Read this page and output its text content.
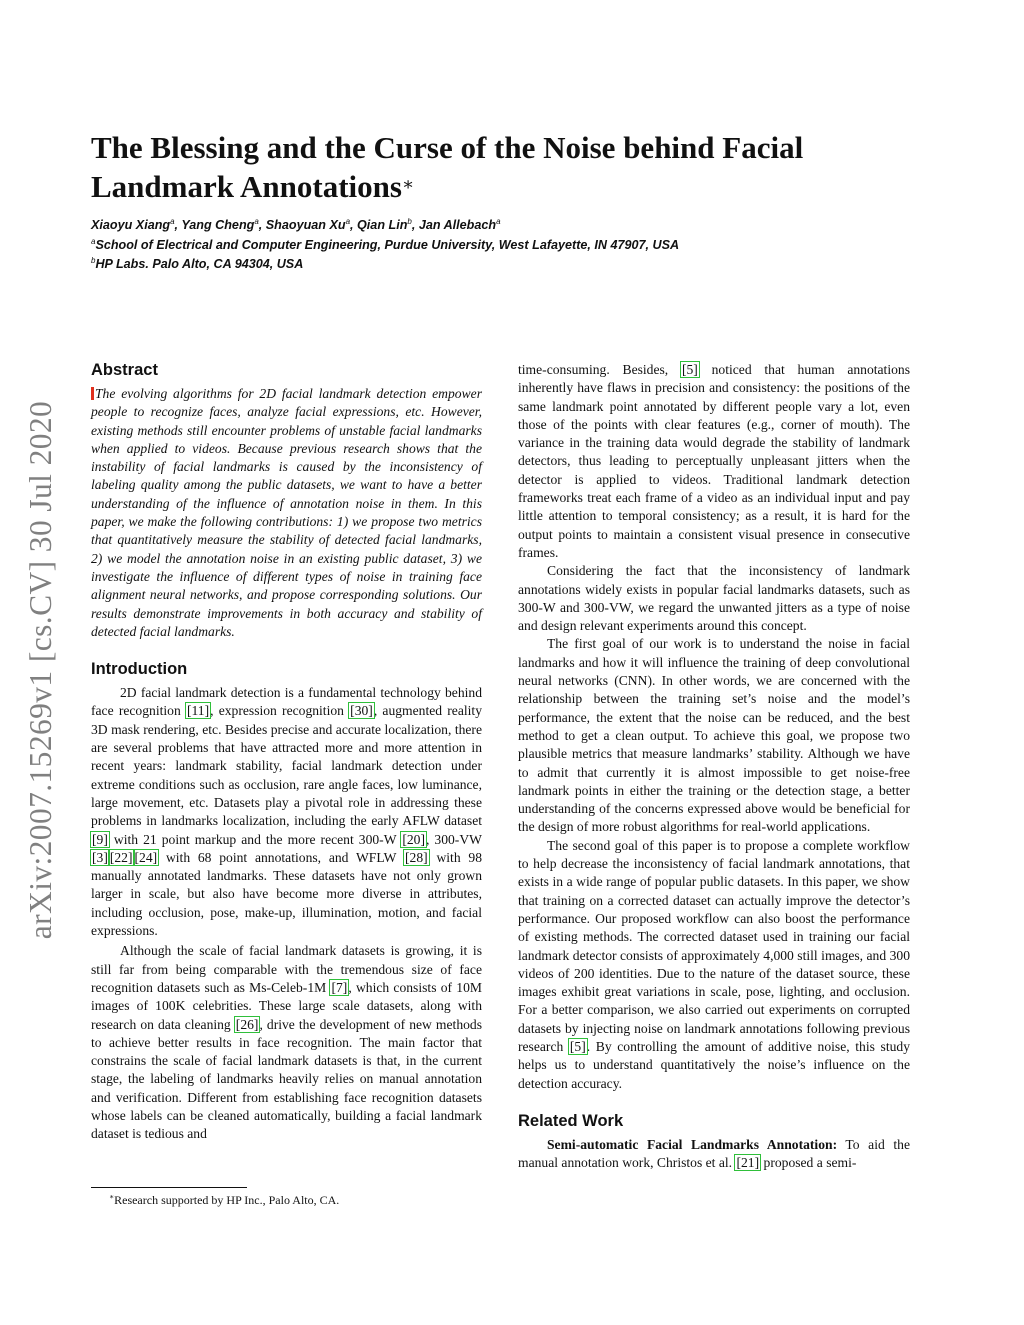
arXiv:2007.15269v1 [cs.CV] 30 Jul 2020
The Blessing and the Curse of the Noise behind Facial Landmark Annotations∗
Xiaoyu Xiang$^a$, Yang Cheng$^a$, Shaoyuan Xu$^a$, Qian Lin$^b$, Jan Allebach$^a$
$^a$School of Electrical and Computer Engineering, Purdue University, West Lafayette, IN 47907, USA
$^b$HP Labs. Palo Alto, CA 94304, USA
Abstract

The evolving algorithms for 2D facial landmark detection empower people to recognize faces, analyze facial expressions, etc. However, existing methods still encounter problems of unstable facial landmarks when applied to videos. Because previous research shows that the instability of facial landmarks is caused by the inconsistency of labeling quality among the public datasets, we want to have a better understanding of the influence of annotation noise in them. In this paper, we make the following contributions: 1) we propose two metrics that quantitatively measure the stability of detected facial landmarks, 2) we model the annotation noise in an existing public dataset, 3) we investigate the influence of different types of noise in training face alignment neural networks, and propose corresponding solutions. Our results demonstrate improvements in both accuracy and stability of detected facial landmarks.

Introduction

2D facial landmark detection is a fundamental technology behind face recognition [11], expression recognition [30], augmented reality 3D mask rendering, etc. Besides precise and accurate localization, there are several problems that have attracted more and more attention in recent years: landmark stability, facial landmark detection under extreme conditions such as occlusion, rare angle faces, low luminance, large movement, etc. Datasets play a pivotal role in addressing these problems in landmarks localization, including the early AFLW dataset [9] with 21 point markup and the more recent 300-W [20], 300-VW [3] [22] [24] with 68 point annotations, and WFLW [28] with 98 manually annotated landmarks. These datasets have not only grown larger in scale, but also have become more diverse in attributes, including occlusion, pose, make-up, illumination, motion, and facial expressions.

Although the scale of facial landmark datasets is growing, it is still far from being comparable with the tremendous size of face recognition datasets such as Ms-Celeb-1M [7], which consists of 10M images of 100K celebrities. These large scale datasets, along with research on data cleaning [26], drive the development of new methods to achieve better results in face recognition. The main factor that constrains the scale of facial landmark datasets is that, in the current stage, the labeling of landmarks heavily relies on manual annotation and verification. Different from establishing face recognition datasets whose labels can be cleaned automatically, building a facial landmark dataset is tedious and

time-consuming. Besides, [5] noticed that human annotations inherently have flaws in precision and consistency: the positions of the same landmark point annotated by different people vary a lot, even those of the points with clear features (e.g., corner of mouth). The variance in the training data would degrade the stability of landmark detectors, thus leading to perceptually unpleasant jitters when the detector is applied to videos. Traditional landmark detection frameworks treat each frame of a video as an individual input and pay little attention to temporal consistency; as a result, it is hard for the output points to maintain a consistent visual presence in consecutive frames.

Considering the fact that the inconsistency of landmark annotations widely exists in popular facial landmarks datasets, such as 300-W and 300-VW, we regard the unwanted jitters as a type of noise and design relevant experiments around this concept.

The first goal of our work is to understand the noise in facial landmarks and how it will influence the training of deep convolutional neural networks (CNN). In other words, we are concerned with the relationship between the training set’s noise and the model’s performance, the extent that the noise can be reduced, and the best method to get a clean output. To achieve this goal, we propose two plausible metrics that measure landmarks’ stability. Although we have to admit that currently it is almost impossible to get noise-free landmark points in either the training or the detection stage, a better understanding of the concerns expressed above would be beneficial for the design of more robust algorithms for real-world applications.

The second goal of this paper is to propose a complete workflow to help decrease the inconsistency of facial landmark annotations, that exists in a wide range of popular public datasets. In this paper, we show that training on a corrected dataset can actually improve the detector’s performance. Our proposed workflow can also boost the performance of existing methods. The corrected dataset used in training our facial landmark detector consists of approximately 4,000 still images, and 300 videos of 200 identities. Due to the nature of the dataset source, these images exhibit great variations in scale, pose, lighting, and occlusion. For a better comparison, we also carried out experiments on corrupted datasets by injecting noise on landmark annotations following previous research [5]. By controlling the amount of additive noise, this study helps us to understand quantitatively the noise’s influence on the detection accuracy.

Related Work

Semi-automatic Facial Landmarks Annotation: To aid the manual annotation work, Christos et al. [21] proposed a semi-

∗Research supported by HP Inc., Palo Alto, CA.
